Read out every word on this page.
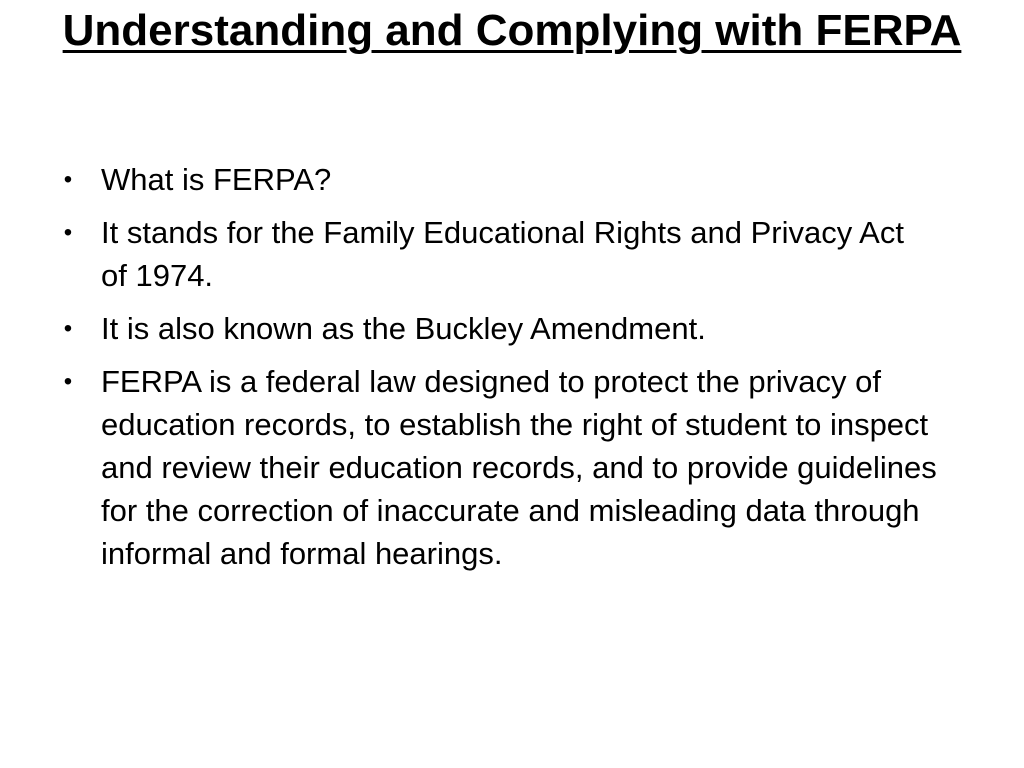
Understanding and Complying with FERPA
• What is FERPA?
• It stands for the Family Educational Rights and Privacy Act of 1974.
• It is also known as the Buckley Amendment.
• FERPA is a federal law designed to protect the privacy of education records, to establish the right of student to inspect and review their education records, and to provide guidelines for the correction of inaccurate and misleading data through informal and formal hearings.
